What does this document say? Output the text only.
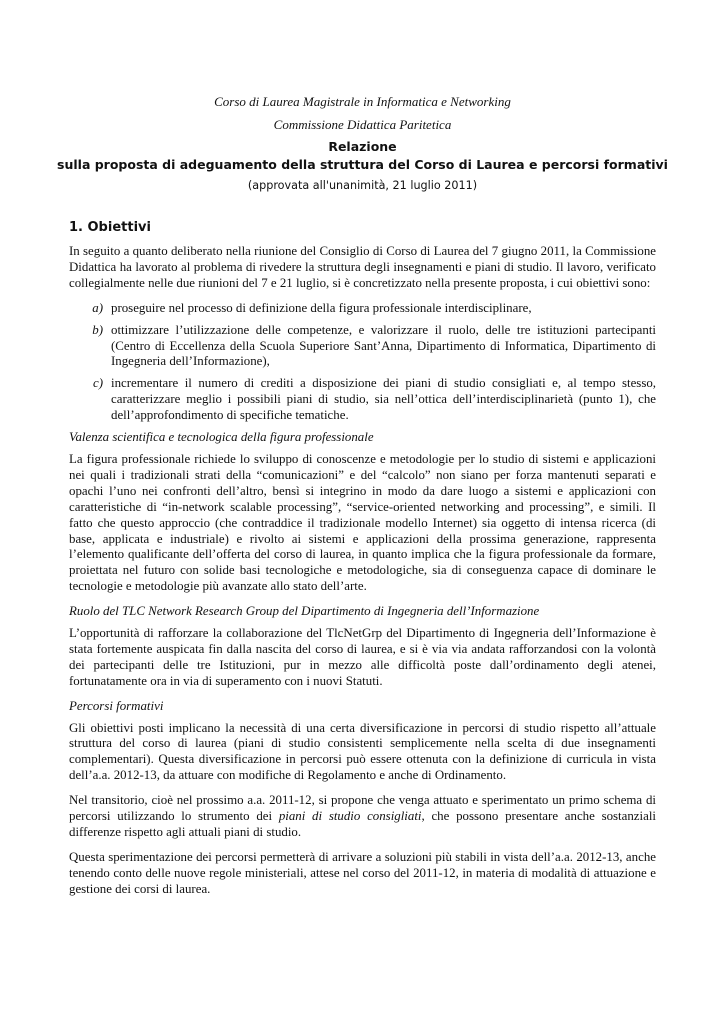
Corso di Laurea Magistrale in Informatica e Networking
Commissione Didattica Paritetica
Relazione
sulla proposta di adeguamento della struttura del Corso di Laurea e percorsi formativi
(approvata all'unanimità, 21 luglio 2011)
1. Obiettivi

In seguito a quanto deliberato nella riunione del Consiglio di Corso di Laurea del 7 giugno 2011, la Commissione Didattica ha lavorato al problema di rivedere la struttura degli insegnamenti e piani di studio. Il lavoro, verificato collegialmente nelle due riunioni del 7 e 21 luglio, si è concretizzato nella presente proposta, i cui obiettivi sono:

a) proseguire nel processo di definizione della figura professionale interdisciplinare,
b) ottimizzare l’utilizzazione delle competenze, e valorizzare il ruolo, delle tre istituzioni partecipanti (Centro di Eccellenza della Scuola Superiore Sant’Anna, Dipartimento di Informatica, Dipartimento di Ingegneria dell’Informazione),
c) incrementare il numero di crediti a disposizione dei piani di studio consigliati e, al tempo stesso, caratterizzare meglio i possibili piani di studio, sia nell’ottica dell’interdisciplinarietà (punto 1), che dell’approfondimento di specifiche tematiche.
Valenza scientifica e tecnologica della figura professionale

La figura professionale richiede lo sviluppo di conoscenze e metodologie per lo studio di sistemi e applicazioni nei quali i tradizionali strati della “comunicazioni” e del “calcolo” non siano per forza mantenuti separati e opachi l’uno nei confronti dell’altro, bensì si integrino in modo da dare luogo a sistemi e applicazioni con caratteristiche di “in-network scalable processing”, “service-oriented networking and processing”, e simili. Il fatto che questo approccio (che contraddice il tradizionale modello Internet) sia oggetto di intensa ricerca (di base, applicata e industriale) e rivolto ai sistemi e applicazioni della prossima generazione, rappresenta l’elemento qualificante dell’offerta del corso di laurea, in quanto implica che la figura professionale da formare, proiettata nel futuro con solide basi tecnologiche e metodologiche, sia di conseguenza capace di dominare le tecnologie e metodologie più avanzate allo stato dell’arte.

Ruolo del TLC Network Research Group del Dipartimento di Ingegneria dell’Informazione

L’opportunità di rafforzare la collaborazione del TlcNetGrp del Dipartimento di Ingegneria dell’Informazione è stata fortemente auspicata fin dalla nascita del corso di laurea, e si è via via andata rafforzandosi con la volontà dei partecipanti delle tre Istituzioni, pur in mezzo alle difficoltà poste dall’ordinamento degli atenei, fortunatamente ora in via di superamento con i nuovi Statuti.

Percorsi formativi

Gli obiettivi posti implicano la necessità di una certa diversificazione in percorsi di studio rispetto all’attuale struttura del corso di laurea (piani di studio consistenti semplicemente nella scelta di due insegnamenti complementari). Questa diversificazione in percorsi può essere ottenuta con la definizione di curricula in vista dell’a.a. 2012-13, da attuare con modifiche di Regolamento e anche di Ordinamento.

Nel transitorio, cioè nel prossimo a.a. 2011-12, si propone che venga attuato e sperimentato un primo schema di percorsi utilizzando lo strumento dei piani di studio consigliati, che possono presentare anche sostanziali differenze rispetto agli attuali piani di studio.

Questa sperimentazione dei percorsi permetterà di arrivare a soluzioni più stabili in vista dell’a.a. 2012-13, anche tenendo conto delle nuove regole ministeriali, attese nel corso del 2011-12, in materia di modalità di attuazione e gestione dei corsi di laurea.
